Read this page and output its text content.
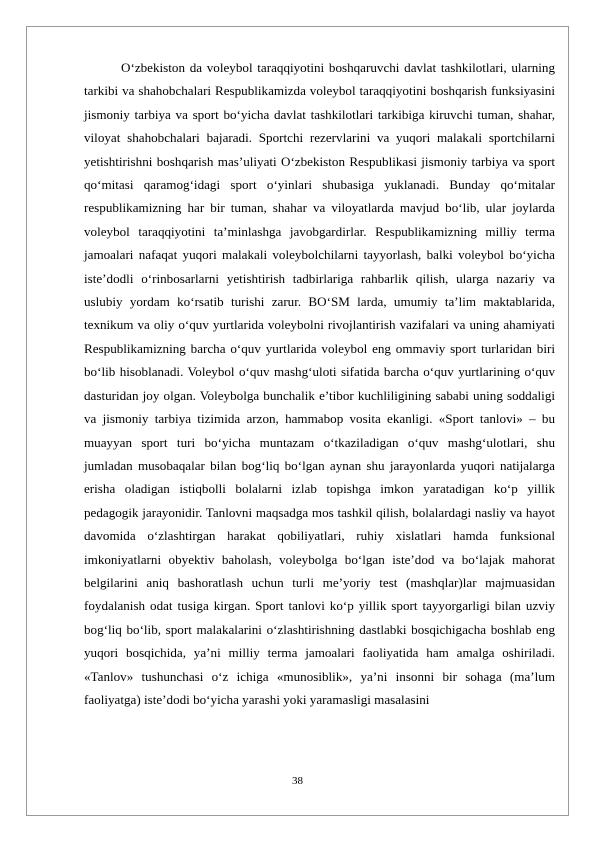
O‘zbekiston da voleybol taraqqiyotini boshqaruvchi davlat tashkilotlari, ularning tarkibi va shahobchalari Respublikamizda voleybol taraqqiyotini boshqarish funksiyasini jismoniy tarbiya va sport bo‘yicha davlat tashkilotlari tarkibiga kiruvchi tuman, shahar, viloyat shahobchalari bajaradi. Sportchi rezervlarini va yuqori malakali sportchilarni yetishtirishni boshqarish mas’uliyati O‘zbekiston Respublikasi jismoniy tarbiya va sport qo‘mitasi qaramog‘idagi sport o‘yinlari shubasiga yuklanadi. Bunday qo‘mitalar respublikamizning har bir tuman, shahar va viloyatlarda mavjud bo‘lib, ular joylarda voleybol taraqqiyotini ta’minlashga javobgardirlar. Respublikamizning milliy terma jamoalari nafaqat yuqori malakali voleybolchilarni tayyorlash, balki voleybol bo‘yicha iste’dodli o‘rinbosarlarni yetishtirish tadbirlariga rahbarlik qilish, ularga nazariy va uslubiy yordam ko‘rsatib turishi zarur. BO‘SM larda, umumiy ta’lim maktablarida, texnikum va oliy o‘quv yurtlarida voleybolni rivojlantirish vazifalari va uning ahamiyati Respublikamizning barcha o‘quv yurtlarida voleybol eng ommaviy sport turlaridan biri bo‘lib hisoblanadi. Voleybol o‘quv mashg‘uloti sifatida barcha o‘quv yurtlarining o‘quv dasturidan joy olgan. Voleybolga bunchalik e’tibor kuchliligining sababi uning soddaligi va jismoniy tarbiya tizimida arzon, hammabop vosita ekanligi. «Sport tanlovi» – bu muayyan sport turi bo‘yicha muntazam o‘tkaziladigan o‘quv mashg‘ulotlari, shu jumladan musobaqalar bilan bog‘liq bo‘lgan aynan shu jarayonlarda yuqori natijalarga erisha oladigan istiqbolli bolalarni izlab topishga imkon yaratadigan ko‘p yillik pedagogik jarayonidir. Tanlovni maqsadga mos tashkil qilish, bolalardagi nasliy va hayot davomida o‘zlashtirgan harakat qobiliyatlari, ruhiy xislatlari hamda funksional imkoniyatlarni obyektiv baholash, voleybolga bo‘lgan iste’dod va bo‘lajak mahorat belgilarini aniq bashoratlash uchun turli me’yoriy test (mashqlar)lar majmuasidan foydalanish odat tusiga kirgan. Sport tanlovi ko‘p yillik sport tayyorgarligi bilan uzviy bog‘liq bo‘lib, sport malakalarini o‘zlashtirishning dastlabki bosqichigacha boshlab eng yuqori bosqichida, ya’ni milliy terma jamoalari faoliyatida ham amalga oshiriladi. «Tanlov» tushunchasi o‘z ichiga «munosiblik», ya’ni insonni bir sohaga (ma’lum faoliyatga) iste’dodi bo‘yicha yarashi yoki yaramasligi masalasini

38
